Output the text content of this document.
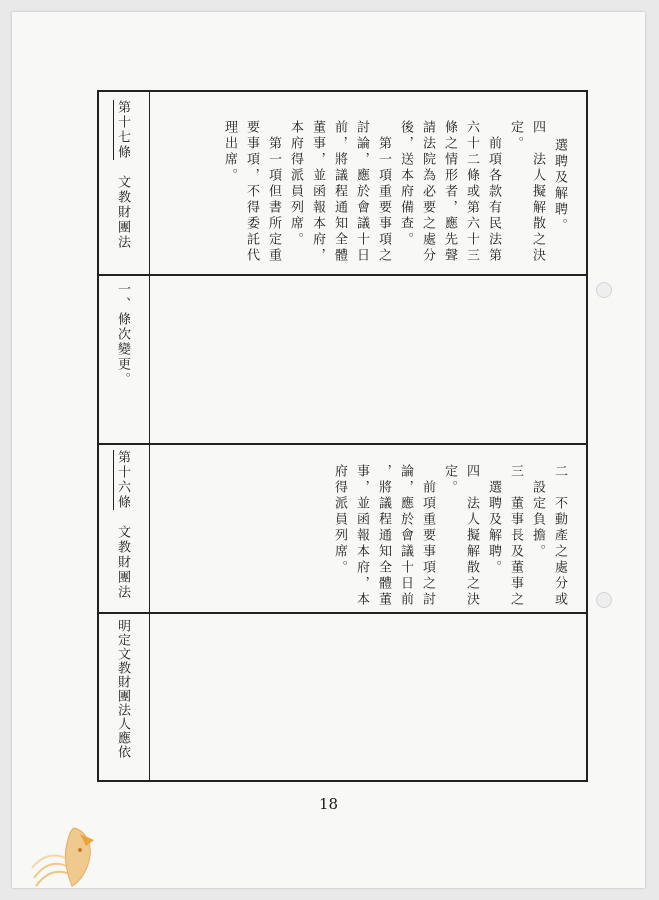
第十七條　文教財團法	選聘及解聘。
四　法人擬解散之決
定。
　前項各款有民法第
六十二條或第六十三
條之情形者，應先聲
請法院為必要之處分
後，送本府備查。
　第一項重要事項之
討論，應於會議十日
前，將議程通知全體
董事，並函報本府，
本府得派員列席。
　第一項但書所定重
要事項，不得委託代
理出席。
一、條次變更。
第十六條　文教財團法	二　不動產之處分或
　設定負擔。
三　董事長及董事之
　選聘及解聘。
四　法人擬解散之決
定。
　前項重要事項之討
論，應於會議十日前
，將議程通知全體董
事，並函報本府，本
府得派員列席。
明定文教財團法人應依
18
